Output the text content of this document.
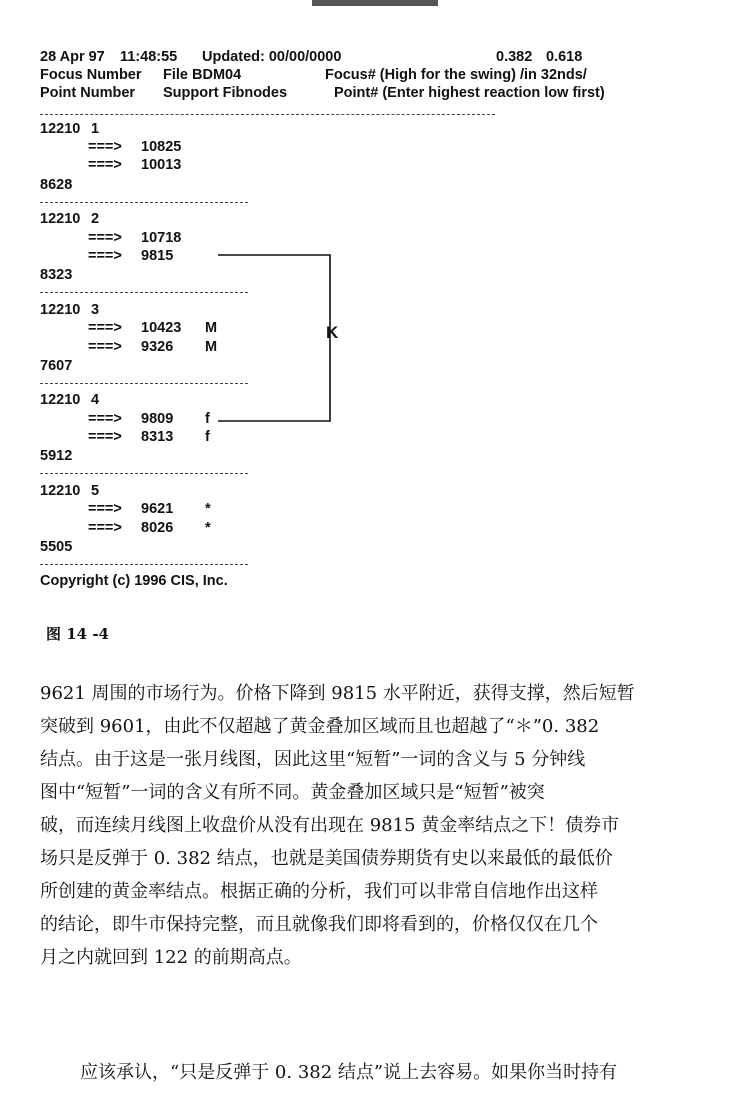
28 Apr 97 11:48:55 Updated: 00/00/0000	0.382 0.618
Focus Number File BDM04	Focus# (High for the swing) /in 32nds/
Point Number Support Fibnodes	Point# (Enter highest reaction low first)
12210 1
===> 10825
===> 10013
8628
12210 2
===> 10718
===> 9815
8323
12210 3
===> 10423 M
===> 9326 M
7607
12210 4
===> 9809 f
===> 8313 f
5912
12210 5
===> 9621 *
===> 8026 *
5505
K
Copyright (c) 1996 CIS, Inc.
图 14 -4
9621 周围的市场行为。价格下降到 9815 水平附近，获得支撑，然后短暂
突破到 9601，由此不仅超越了黄金叠加区域而且也超越了“＊”0. 382
结点。由于这是一张月线图，因此这里“短暂”一词的含义与 5 分钟线
图中“短暂”一词的含义有所不同。黄金叠加区域只是“短暂”被突
破，而连续月线图上收盘价从没有出现在 9815 黄金率结点之下！债券市
场只是反弹于 0. 382 结点，也就是美国债券期货有史以来最低的最低价
所创建的黄金率结点。根据正确的分析，我们可以非常自信地作出这样
的结论，即牛市保持完整，而且就像我们即将看到的，价格仅仅在几个
月之内就回到 122 的前期高点。
应该承认，“只是反弹于 0. 382 结点”说上去容易。如果你当时持有
